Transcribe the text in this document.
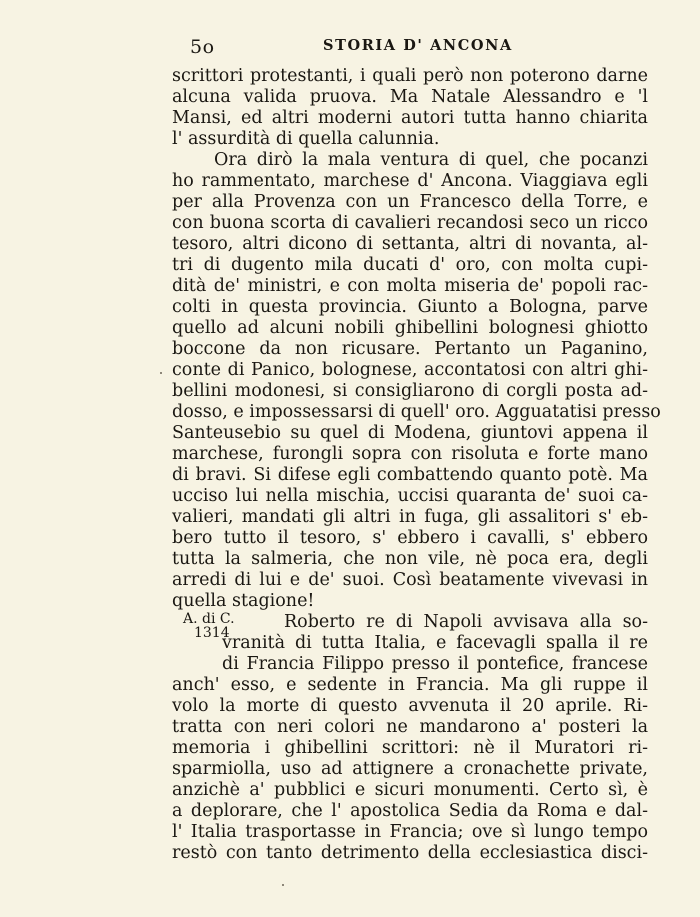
5o	STORIA D' ANCONA
A. di C.
1314
scrittori protestanti, i quali però non poterono darne
alcuna valida pruova. Ma Natale Alessandro e 'l
Mansi, ed altri moderni autori tutta hanno chiarita
l' assurdità di quella calunnia.
Ora dirò la mala ventura di quel, che pocanzi
ho rammentato, marchese d' Ancona. Viaggiava egli
per alla Provenza con un Francesco della Torre, e
con buona scorta di cavalieri recandosi seco un ricco
tesoro, altri dicono di settanta, altri di novanta, al-
tri di dugento mila ducati d' oro, con molta cupi-
dità de' ministri, e con molta miseria de' popoli rac-
colti in questa provincia. Giunto a Bologna, parve
quello ad alcuni nobili ghibellini bolognesi ghiotto
boccone da non ricusare. Pertanto un Paganino,
conte di Panico, bolognese, accontatosi con altri ghi-
bellini modonesi, si consigliarono di corgli posta ad-
dosso, e impossessarsi di quell' oro. Agguatatisi presso
Santeusebio su quel di Modena, giuntovi appena il
marchese, furongli sopra con risoluta e forte mano
di bravi. Si difese egli combattendo quanto potè. Ma
ucciso lui nella mischia, uccisi quaranta de' suoi ca-
valieri, mandati gli altri in fuga, gli assalitori s' eb-
bero tutto il tesoro, s' ebbero i cavalli, s' ebbero
tutta la salmeria, che non vile, nè poca era, degli
arredi di lui e de' suoi. Così beatamente vivevasi in
quella stagione!
Roberto re di Napoli avvisava alla so-
vranità di tutta Italia, e facevagli spalla il re
di Francia Filippo presso il pontefice, francese
anch' esso, e sedente in Francia. Ma gli ruppe il
volo la morte di questo avvenuta il 20 aprile. Ri-
tratta con neri colori ne mandarono a' posteri la
memoria i ghibellini scrittori: nè il Muratori ri-
sparmiolla, uso ad attignere a cronachette private,
anzichè a' pubblici e sicuri monumenti. Certo sì, è
a deplorare, che l' apostolica Sedia da Roma e dal-
l' Italia trasportasse in Francia; ove sì lungo tempo
restò con tanto detrimento della ecclesiastica disci-
